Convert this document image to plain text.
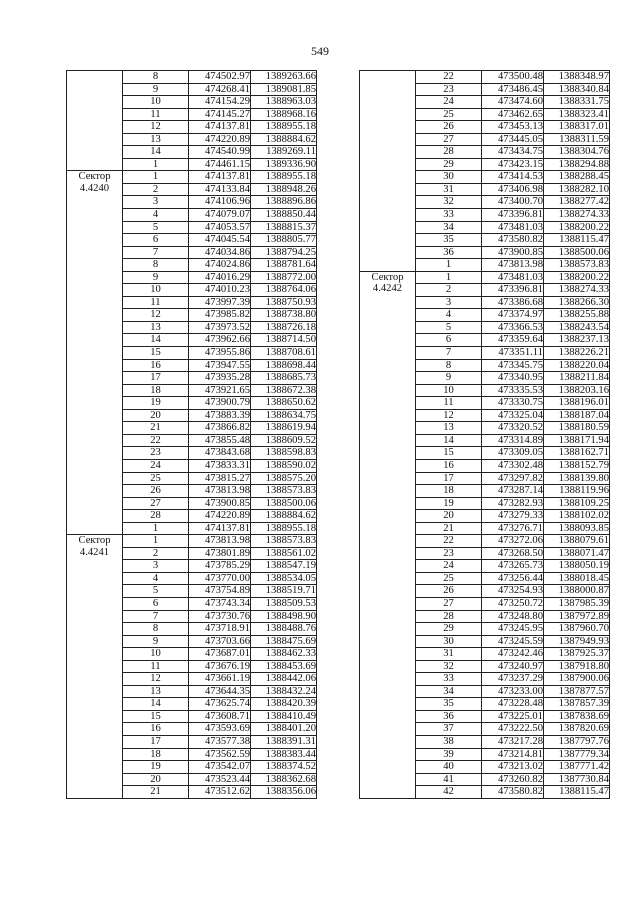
549
	8	474502.97	1389263.66
	9	474268.41	1389081.85
	10	474154.29	1388963.03
	11	474145.27	1388968.16
	12	474137.81	1388955.18
	13	474220.89	1388884.62
	14	474540.99	1389269.11
	1	474461.15	1389336.90

Сектор
4.4240	1	474137.81	1388955.18
	2	474133.84	1388948.26
	3	474106.96	1388896.86
	4	474079.07	1388850.44
	5	474053.57	1388815.37
	6	474045.54	1388805.77
	7	474034.86	1388794.25
	8	474024.86	1388781.64
	9	474016.29	1388772.00
	10	474010.23	1388764.06
	11	473997.39	1388750.93
	12	473985.82	1388738.80
	13	473973.52	1388726.18
	14	473962.66	1388714.50
	15	473955.86	1388708.61
	16	473947.55	1388698.44
	17	473935.28	1388685.73
	18	473921.65	1388672.38
	19	473900.79	1388650.62
	20	473883.39	1388634.75
	21	473866.82	1388619.94
	22	473855.48	1388609.52
	23	473843.68	1388598.83
	24	473833.31	1388590.02
	25	473815.27	1388575.20
	26	473813.98	1388573.83
	27	473900.85	1388500.06
	28	474220.89	1388884.62
	1	474137.81	1388955.18

Сектор
4.4241	1	473813.98	1388573.83
	2	473801.89	1388561.02
	3	473785.29	1388547.19
	4	473770.00	1388534.05
	5	473754.89	1388519.71
	6	473743.34	1388509.53
	7	473730.76	1388498.90
	8	473718.91	1388488.76
	9	473703.66	1388475.69
	10	473687.01	1388462.33
	11	473676.19	1388453.69
	12	473661.19	1388442.06
	13	473644.35	1388432.24
	14	473625.74	1388420.39
	15	473608.71	1388410.49
	16	473593.69	1388401.20
	17	473577.38	1388391.31
	18	473562.59	1388383.44
	19	473542.07	1388374.52
	20	473523.44	1388362.68
	21	473512.62	1388356.06
	22	473500.48	1388348.97
	23	473486.45	1388340.84
	24	473474.60	1388331.75
	25	473462.65	1388323.41
	26	473453.13	1388317.01
	27	473445.05	1388311.59
	28	473434.75	1388304.76
	29	473423.15	1388294.88
	30	473414.53	1388288.45
	31	473406.98	1388282.10
	32	473400.70	1388277.42
	33	473396.81	1388274.33
	34	473481.03	1388200.22
	35	473580.82	1388115.47
	36	473900.85	1388500.06
	1	473813.98	1388573.83

Сектор
4.4242	1	473481.03	1388200.22
	2	473396.81	1388274.33
	3	473386.68	1388266.30
	4	473374.97	1388255.88
	5	473366.53	1388243.54
	6	473359.64	1388237.13
	7	473351.11	1388226.21
	8	473345.75	1388220.04
	9	473340.95	1388211.84
	10	473335.53	1388203.16
	11	473330.75	1388196.01
	12	473325.04	1388187.04
	13	473320.52	1388180.59
	14	473314.89	1388171.94
	15	473309.05	1388162.71
	16	473302.48	1388152.79
	17	473297.82	1388139.80
	18	473287.14	1388119.96
	19	473282.93	1388109.25
	20	473279.33	1388102.02
	21	473276.71	1388093.85
	22	473272.06	1388079.61
	23	473268.50	1388071.47
	24	473265.73	1388050.19
	25	473256.44	1388018.45
	26	473254.93	1388000.87
	27	473250.72	1387985.39
	28	473248.80	1387972.89
	29	473245.95	1387960.70
	30	473245.59	1387949.93
	31	473242.46	1387925.37
	32	473240.97	1387918.80
	33	473237.29	1387900.06
	34	473233.00	1387877.57
	35	473228.48	1387857.39
	36	473225.01	1387838.69
	37	473222.50	1387820.69
	38	473217.28	1387797.76
	39	473214.81	1387779.34
	40	473213.02	1387771.42
	41	473260.82	1387730.84
	42	473580.82	1388115.47
